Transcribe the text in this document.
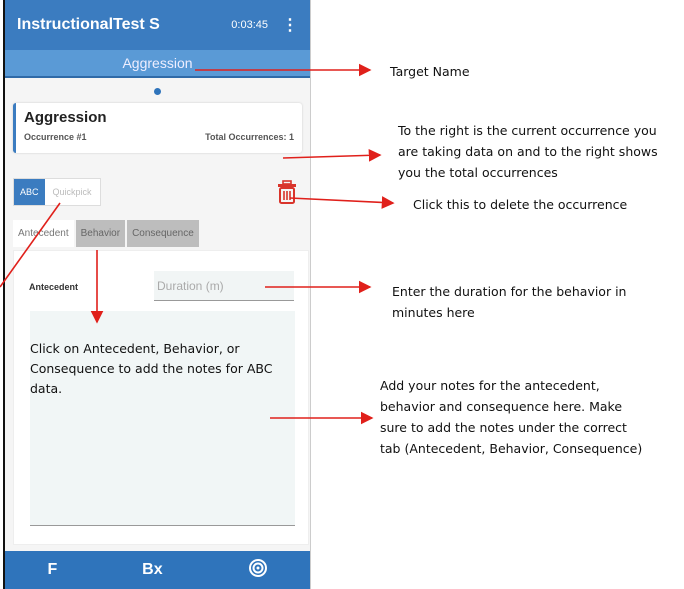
InstructionalTest S	0:03:45 ⋮
Aggression
Aggression
Occurrence #1	Total Occurrences: 1
ABC	Quickpick
Antecedent	Behavior	Consequence
Antecedent	Duration (m)
Click on Antecedent, Behavior, or Consequence to add the notes for ABC data.
F	Bx
Target Name
To the right is the current occurrence you are taking data on and to the right shows you the total occurrences
Click this to delete the occurrence
Enter the duration for the behavior in minutes here
Add your notes for the antecedent, behavior and consequence here. Make sure to add the notes under the correct tab (Antecedent, Behavior, Consequence)
